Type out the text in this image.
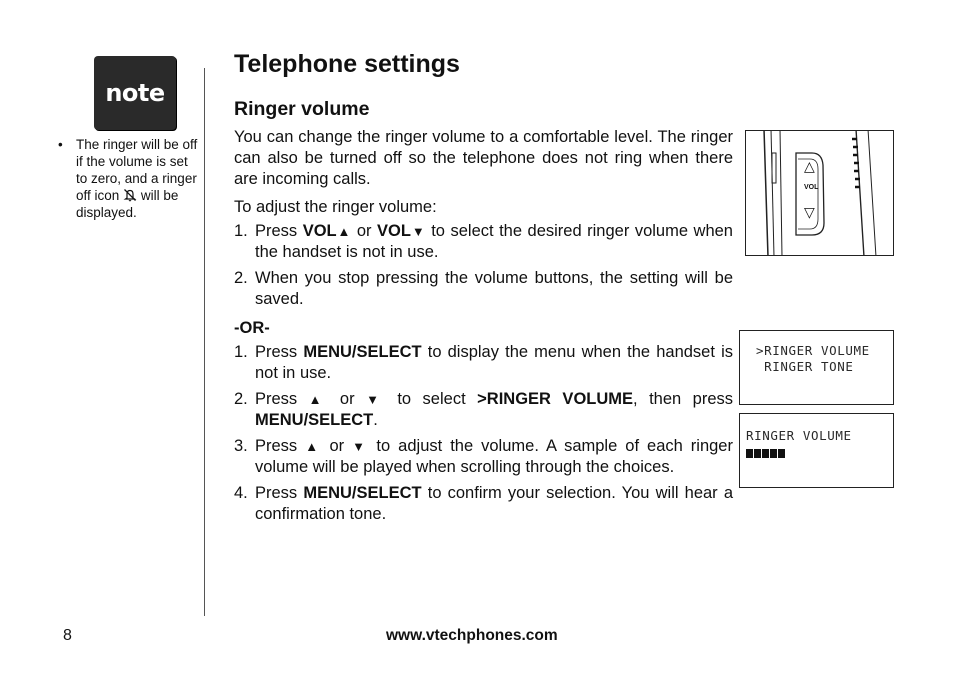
note
• The ringer will be off if the volume is set to zero, and a ringer off icon will be displayed.
Telephone settings
Ringer volume

You can change the ringer volume to a comfortable level. The ringer can also be turned off so the telephone does not ring when there are incoming calls.

To adjust the ringer volume:

1. Press VOL▲ or VOL▼ to select the desired ringer volume when the handset is not in use.
2. When you stop pressing the volume buttons, the setting will be saved.
-OR-
1. Press MENU/SELECT to display the menu when the handset is not in use.
2. Press ▲ or ▼ to select >RINGER VOLUME, then press MENU/SELECT.
3. Press ▲ or ▼ to adjust the volume. A sample of each ringer volume will be played when scrolling through the choices.
4. Press MENU/SELECT to confirm your selection. You will hear a confirmation tone.
△
VOL
▽
>RINGER VOLUME
RINGER TONE
RINGER VOLUME
8	www.vtechphones.com
